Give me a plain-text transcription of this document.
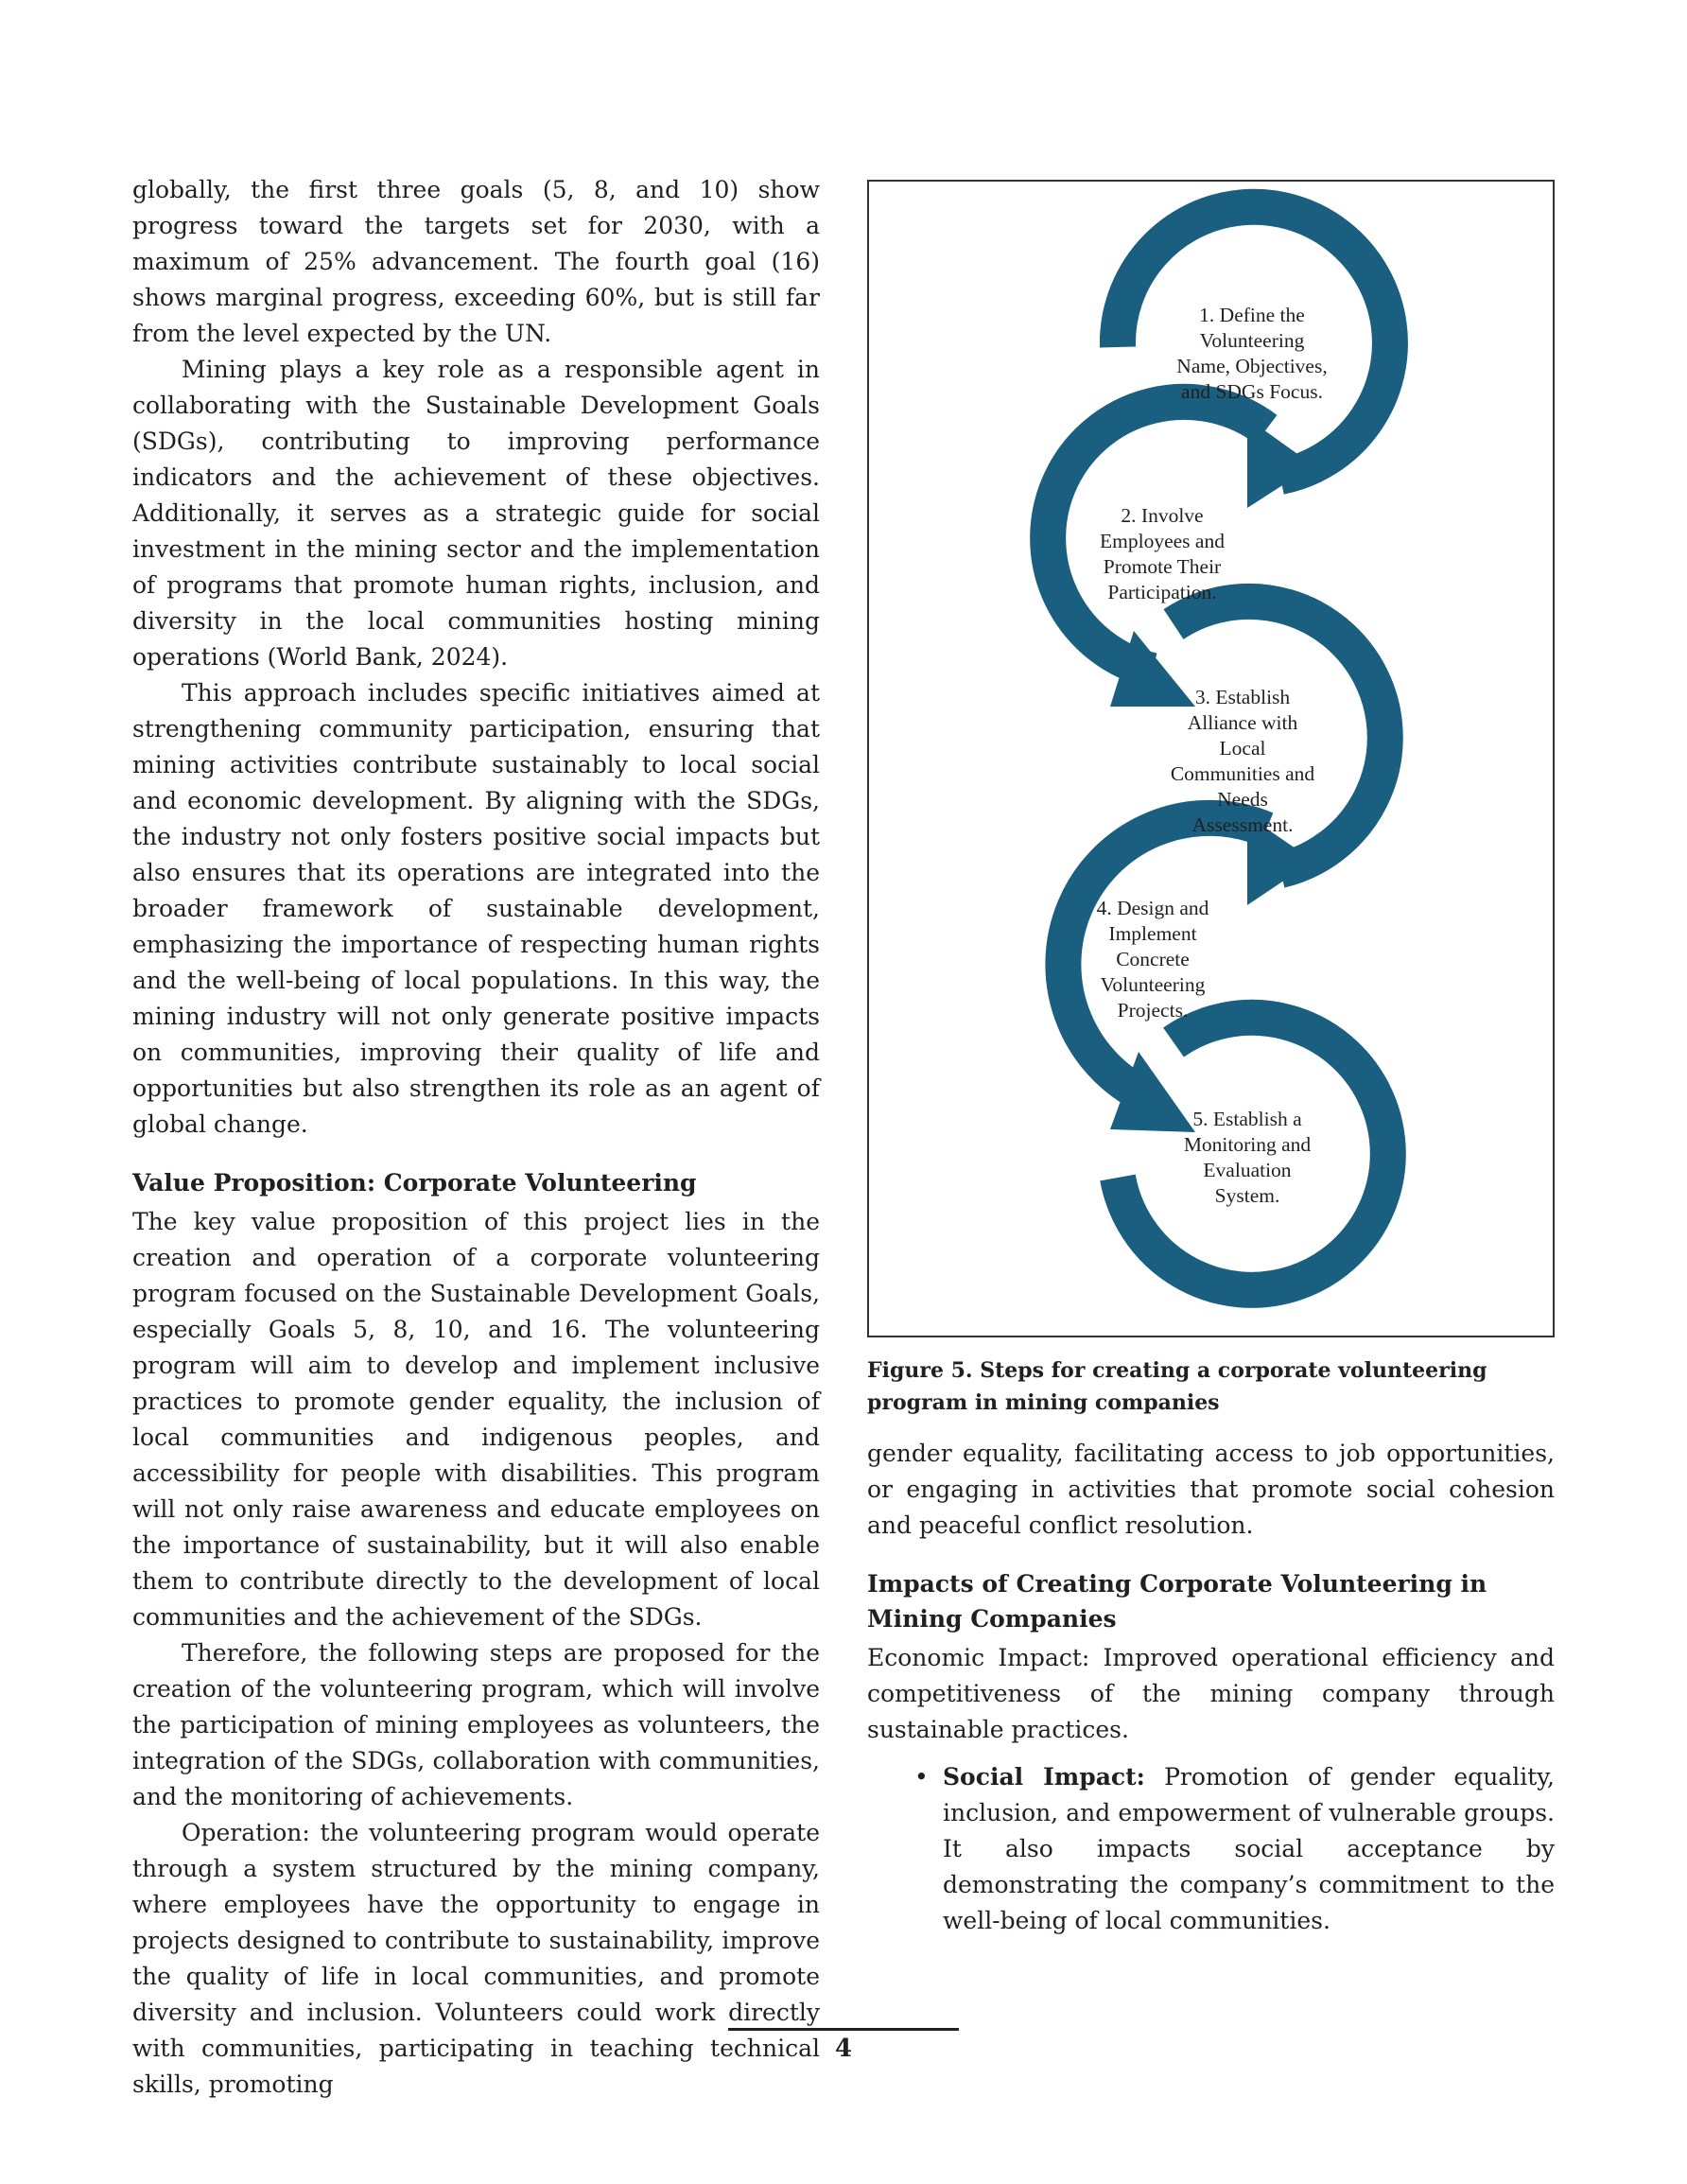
globally, the first three goals (5, 8, and 10) show progress toward the targets set for 2030, with a maximum of 25% advancement. The fourth goal (16) shows marginal progress, exceeding 60%, but is still far from the level expected by the UN.

Mining plays a key role as a responsible agent in collaborating with the Sustainable Development Goals (SDGs), contributing to improving performance indicators and the achievement of these objectives. Additionally, it serves as a strategic guide for social investment in the mining sector and the implementation of programs that promote human rights, inclusion, and diversity in the local communities hosting mining operations (World Bank, 2024).

This approach includes specific initiatives aimed at strengthening community participation, ensuring that mining activities contribute sustainably to local social and economic development. By aligning with the SDGs, the industry not only fosters positive social impacts but also ensures that its operations are integrated into the broader framework of sustainable development, emphasizing the importance of respecting human rights and the well-being of local populations. In this way, the mining industry will not only generate positive impacts on communities, improving their quality of life and opportunities but also strengthen its role as an agent of global change.

Value Proposition: Corporate Volunteering

The key value proposition of this project lies in the creation and operation of a corporate volunteering program focused on the Sustainable Development Goals, especially Goals 5, 8, 10, and 16. The volunteering program will aim to develop and implement inclusive practices to promote gender equality, the inclusion of local communities and indigenous peoples, and accessibility for people with disabilities. This program will not only raise awareness and educate employees on the importance of sustainability, but it will also enable them to contribute directly to the development of local communities and the achievement of the SDGs.

Therefore, the following steps are proposed for the creation of the volunteering program, which will involve the participation of mining employees as volunteers, the integration of the SDGs, collaboration with communities, and the monitoring of achievements.

Operation: the volunteering program would operate through a system structured by the mining company, where employees have the opportunity to engage in projects designed to contribute to sustainability, improve the quality of life in local communities, and promote diversity and inclusion. Volunteers could work directly with communities, participating in teaching technical skills, promoting

1. Define the
Volunteering
Name, Objectives,
and SDGs Focus.
2. Involve
Employees and
Promote Their
Participation.
3. Establish
Alliance with
Local
Communities and
Needs
Assessment.
4. Design and
Implement
Concrete
Volunteering
Projects.
5. Establish a
Monitoring and
Evaluation
System.
Figure 5. Steps for creating a corporate volunteering program in mining companies

gender equality, facilitating access to job opportunities, or engaging in activities that promote social cohesion and peaceful conflict resolution.

Impacts of Creating Corporate Volunteering in Mining Companies

Economic Impact: Improved operational efficiency and competitiveness of the mining company through sustainable practices.

• Social Impact: Promotion of gender equality, inclusion, and empowerment of vulnerable groups. It also impacts social acceptance by demonstrating the company’s commitment to the well-being of local communities.
4
